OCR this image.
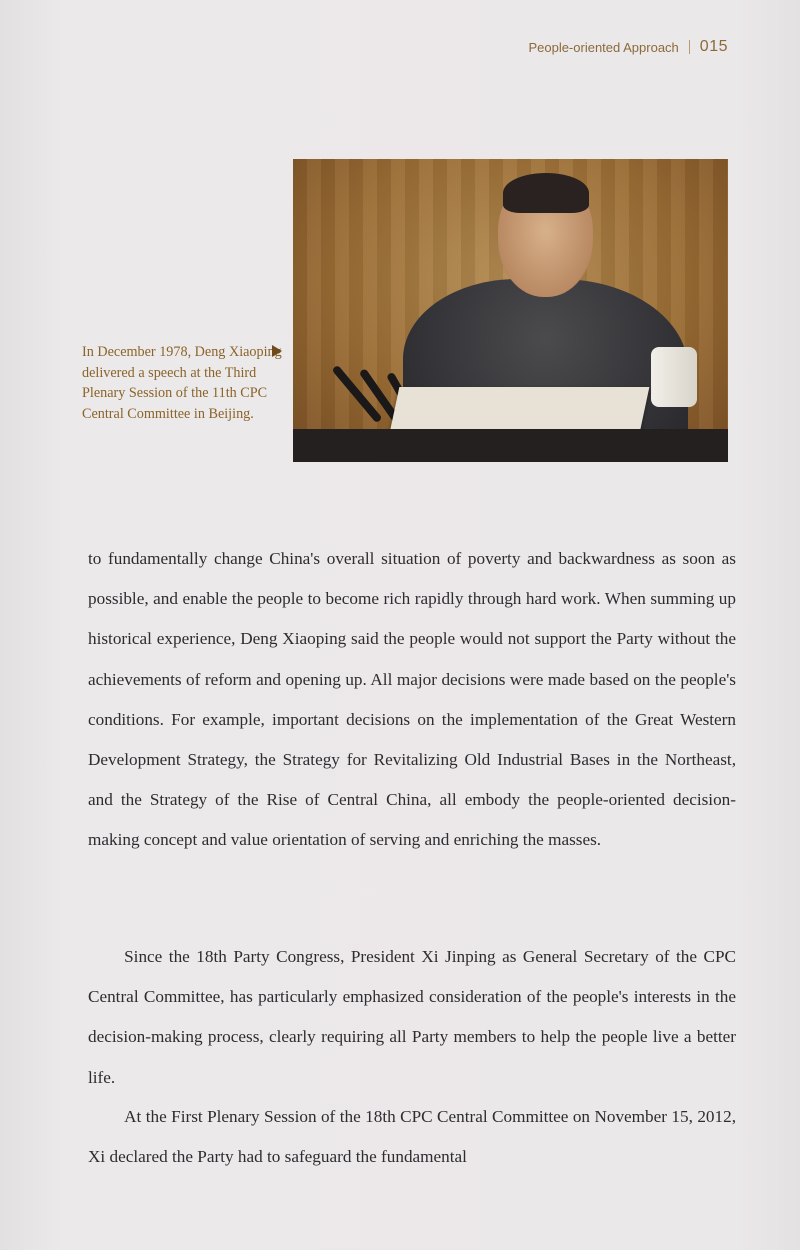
People-oriented Approach 015
In December 1978, Deng Xiaoping delivered a speech at the Third Plenary Session of the 11th CPC Central Committee in Beijing.
to fundamentally change China's overall situation of poverty and backwardness as soon as possible, and enable the people to become rich rapidly through hard work. When summing up historical experience, Deng Xiaoping said the people would not support the Party without the achievements of reform and opening up. All major decisions were made based on the people's conditions. For example, important decisions on the implementation of the Great Western Development Strategy, the Strategy for Revitalizing Old Industrial Bases in the Northeast, and the Strategy of the Rise of Central China, all embody the people-oriented decision-making concept and value orientation of serving and enriching the masses.
Since the 18th Party Congress, President Xi Jinping as General Secretary of the CPC Central Committee, has particularly emphasized consideration of the people's interests in the decision-making process, clearly requiring all Party members to help the people live a better life.
At the First Plenary Session of the 18th CPC Central Committee on November 15, 2012, Xi declared the Party had to safeguard the fundamental
